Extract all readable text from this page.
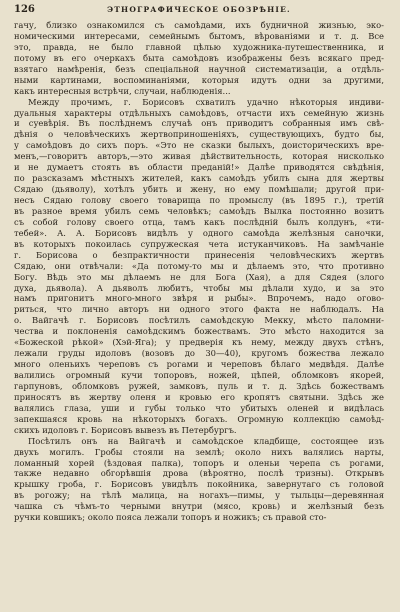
126	ЭТНОГРАФИЧЕСКОЕ ОБОЗРѢНІЕ.
гачу, близко ознакомился съ самоѣдами, ихъ будничной жизнью, эко-
номическими интересами, семейнымъ бытомъ, вѣрованіями и т. д. Все
это, правда, не было главной цѣлью художника-путешественника, и
потому въ его очеркахъ быта самоѣдовъ изображены безъ всякаго пред-
взятаго намѣренія, безъ спеціальной научной систематизаціи, а отдѣль-
ными картинами, воспоминаніями, которыя идутъ одни за другими,
какъ интересныя встрѣчи, случаи, наблюденія...
Между прочимъ, г. Борисовъ схватилъ удачно нѣкоторыя индиви-
дуальныя характеры отдѣльныхъ самоѣдовъ, отчасти ихъ семейную жизнь
и суевѣрія. Въ послѣднемъ случаѣ онъ приводитъ собранныя имъ свѣ-
дѣнія о человѣческихъ жертвоприношеніяхъ, существующихъ, будто бы,
у самоѣдовъ до сихъ поръ. «Это не сказки былыхъ, доисторическихъ вре-
менъ,—говоритъ авторъ,—это живая дѣйствительность, которая нисколько
и не думаетъ стоять въ области преданій!» Далѣе приводятся свѣдѣнія,
по разсказамъ мѣстныхъ жителей, какъ самоѣдъ убилъ сына для жертвы
Сядаю (дьяволу), хотѣлъ убить и жену, но ему помѣшали; другой при-
несъ Сядаю голову своего товарища по промыслу (въ 1895 г.), третій
въ разное время убилъ семь человѣкъ; самоѣдъ Вылка постоянно возитъ
съ собой голову своего отца, тамъ какъ послѣдній былъ колдунъ, «ти-
тебей». А. А. Борисовъ видѣлъ у одного самоѣда желѣзныя саночки,
въ которыхъ покоилась супружеская чета истуканчиковъ. На замѣчаніе
г. Борисова о безпрактичности принесенія человѣческихъ жертвъ
Сядаю, они отвѣчали: «Да потому-то мы и дѣлаемъ это, что противно
Богу. Вѣдь это мы дѣлаемъ не для Бога (Хая), а для Сядея (злого
духа, дьявола). А дьяволъ любитъ, чтобы мы дѣлали худо, и за это
намъ пригонитъ много-много звѣря и рыбы». Впрочемъ, надо огово-
риться, что лично авторъ ни одного этого факта не наблюдалъ. На
о. Вайгачѣ г. Борисовъ посѣтилъ самоѣдскую Мекку, мѣсто паломни-
чества и поклоненія самоѣдскимъ божествамъ. Это мѣсто находится за
«Божеской рѣкой» (Хэй-Яга); у предверія къ нему, между двухъ стѣнъ,
лежали груды идоловъ (возовъ до 30—40), кругомъ божества лежало
много оленьихъ череповъ съ рогами и череповъ бѣлаго медвѣдя. Далѣе
валились огромный кучи топоровъ, ножей, цѣпей, обломковъ якорей,
гарпуновъ, обломковъ ружей, замковъ, пуль и т. д. Здѣсь божествамъ
приносятъ въ жертву оленя и кровью его кропятъ святыни. Здѣсь же
валялись глаза, уши и губы только что убитыхъ оленей и видѣлась
запекшаяся кровь на нѣкоторыхъ богахъ. Огромную коллекцію самоѣд-
скихъ идоловъ г. Борисовъ вывезъ въ Петербургъ.
Посѣтилъ онъ на Вайгачѣ и самоѣдское кладбище, состоящее изъ
двухъ могилъ. Гробы стояли на землѣ; около нихъ валялись нарты,
ломанный хорей (ѣздовая палка), топоръ и оленьи черепа съ рогами,
также недавно обгорѣвшія дрова (вѣроятно, послѣ тризны). Открывъ
крышку гроба, г. Борисовъ увидѣлъ покойника, завернутаго съ головой
въ рогожу; на тѣлѣ малица, на ногахъ—пимы, у тыльцы—деревянная
чашка съ чѣмъ-то черными внутри (мясо, кровь) и желѣзный безъ
ручки ковшикъ; около пояса лежали топоръ и ножикъ; съ правой сто-
